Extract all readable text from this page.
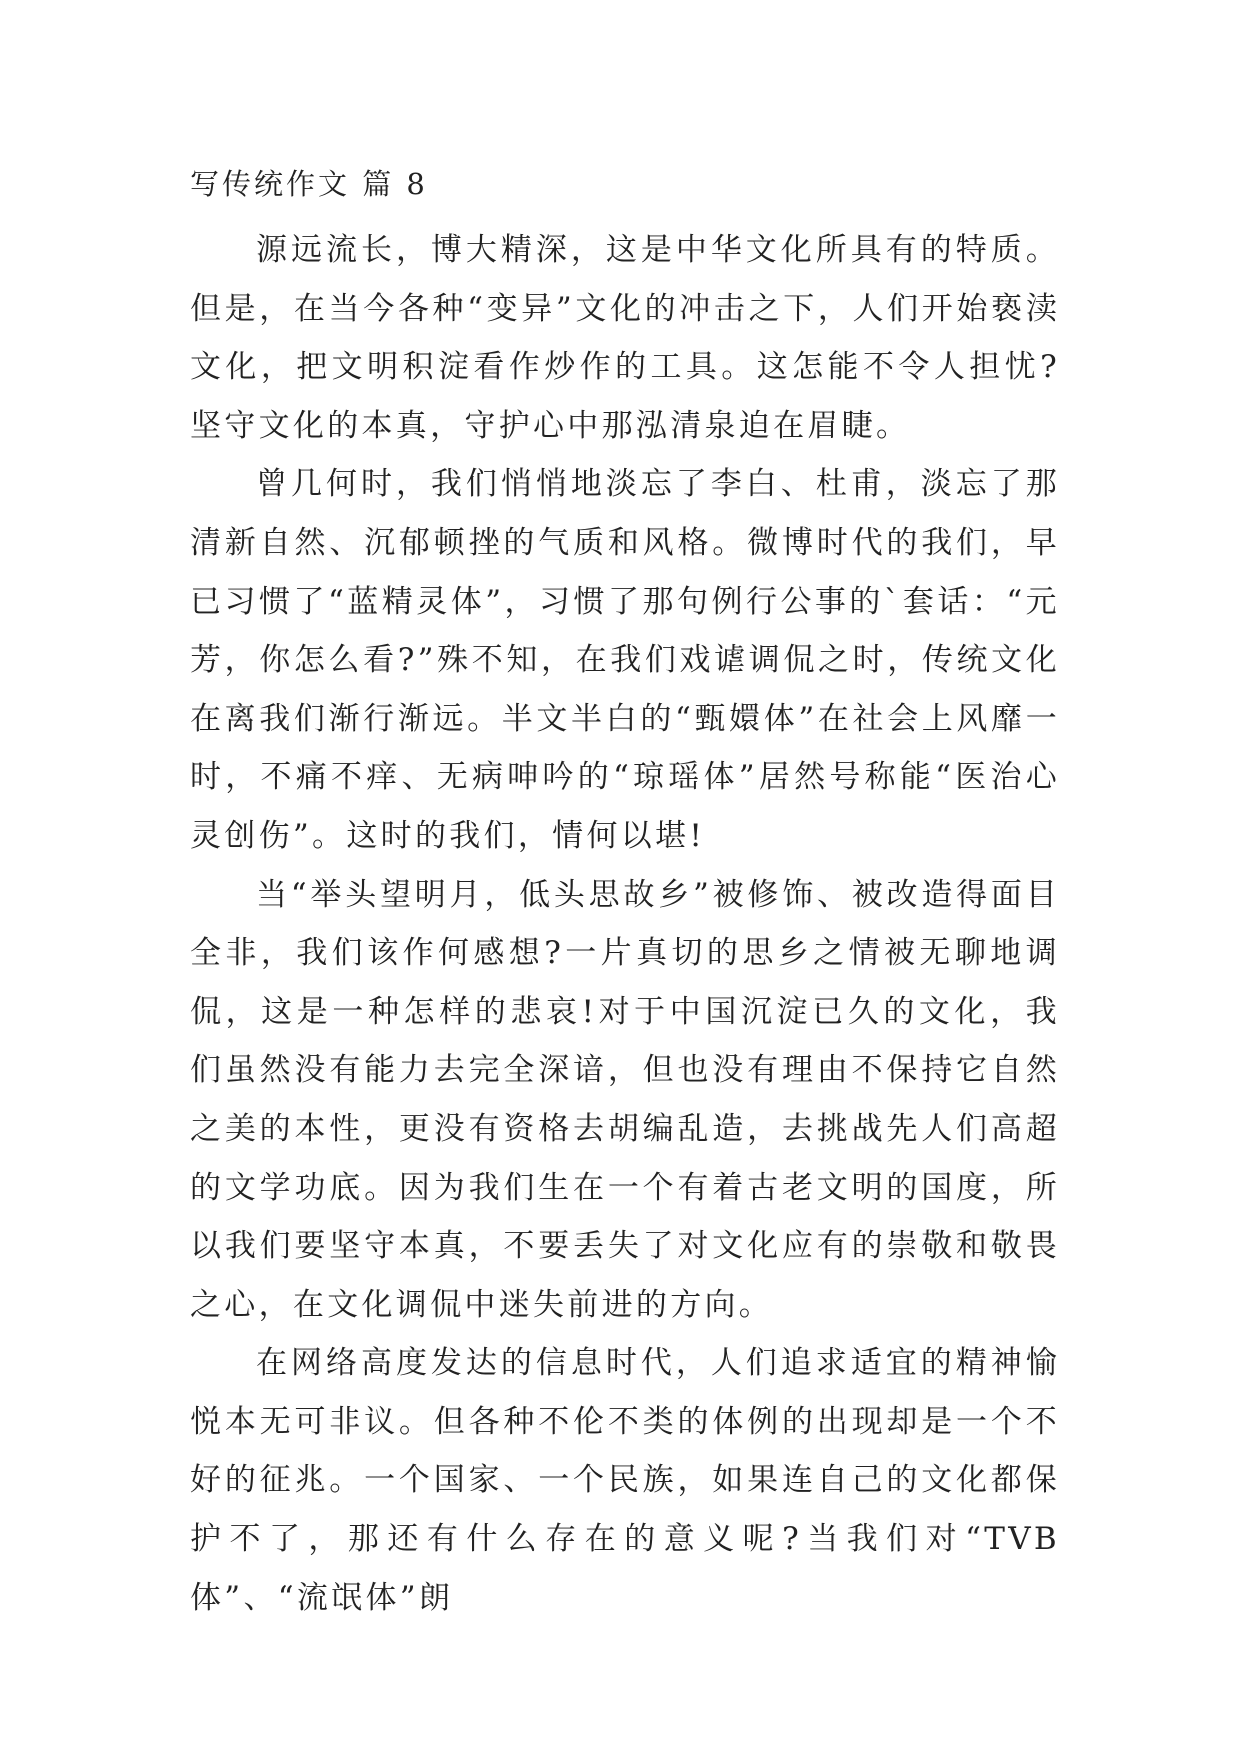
写传统作文 篇 8

源远流长，博大精深，这是中华文化所具有的特质。但是，在当今各种“变异”文化的冲击之下，人们开始亵渎文化，把文明积淀看作炒作的工具。这怎能不令人担忧?坚守文化的本真，守护心中那泓清泉迫在眉睫。

曾几何时，我们悄悄地淡忘了李白、杜甫，淡忘了那清新自然、沉郁顿挫的气质和风格。微博时代的我们，早已习惯了“蓝精灵体”，习惯了那句例行公事的`套话：“元芳，你怎么看?”殊不知，在我们戏谑调侃之时，传统文化在离我们渐行渐远。半文半白的“甄嬛体”在社会上风靡一时，不痛不痒、无病呻吟的“琼瑶体”居然号称能“医治心灵创伤”。这时的我们，情何以堪!

当“举头望明月，低头思故乡”被修饰、被改造得面目全非，我们该作何感想?一片真切的思乡之情被无聊地调侃，这是一种怎样的悲哀!对于中国沉淀已久的文化，我们虽然没有能力去完全深谙，但也没有理由不保持它自然之美的本性，更没有资格去胡编乱造，去挑战先人们高超的文学功底。因为我们生在一个有着古老文明的国度，所以我们要坚守本真，不要丢失了对文化应有的崇敬和敬畏之心，在文化调侃中迷失前进的方向。

在网络高度发达的信息时代，人们追求适宜的精神愉悦本无可非议。但各种不伦不类的体例的出现却是一个不好的征兆。一个国家、一个民族，如果连自己的文化都保护不了，那还有什么存在的意义呢?当我们对“TVB 体”、“流氓体”朗
